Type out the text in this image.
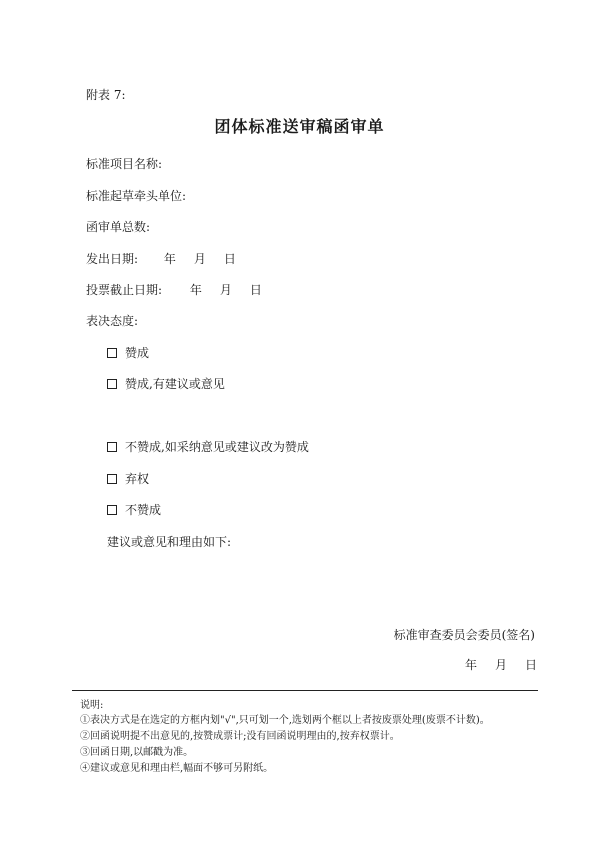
附表 7:
团体标准送审稿函审单
标准项目名称:
标准起草牵头单位:
函审单总数:
发出日期: 年 月 日
投票截止日期: 年 月 日
表决态度:
赞成
赞成,有建议或意见
不赞成,如采纳意见或建议改为赞成
弃权
不赞成
建议或意见和理由如下:
标准审查委员会委员(签名)
年 月 日
说明:
①表决方式是在选定的方框内划"√",只可划一个,选划两个框以上者按废票处理(废票不计数)。
②回函说明提不出意见的,按赞成票计;没有回函说明理由的,按弃权票计。
③回函日期,以邮戳为准。
④建议或意见和理由栏,幅面不够可另附纸。
